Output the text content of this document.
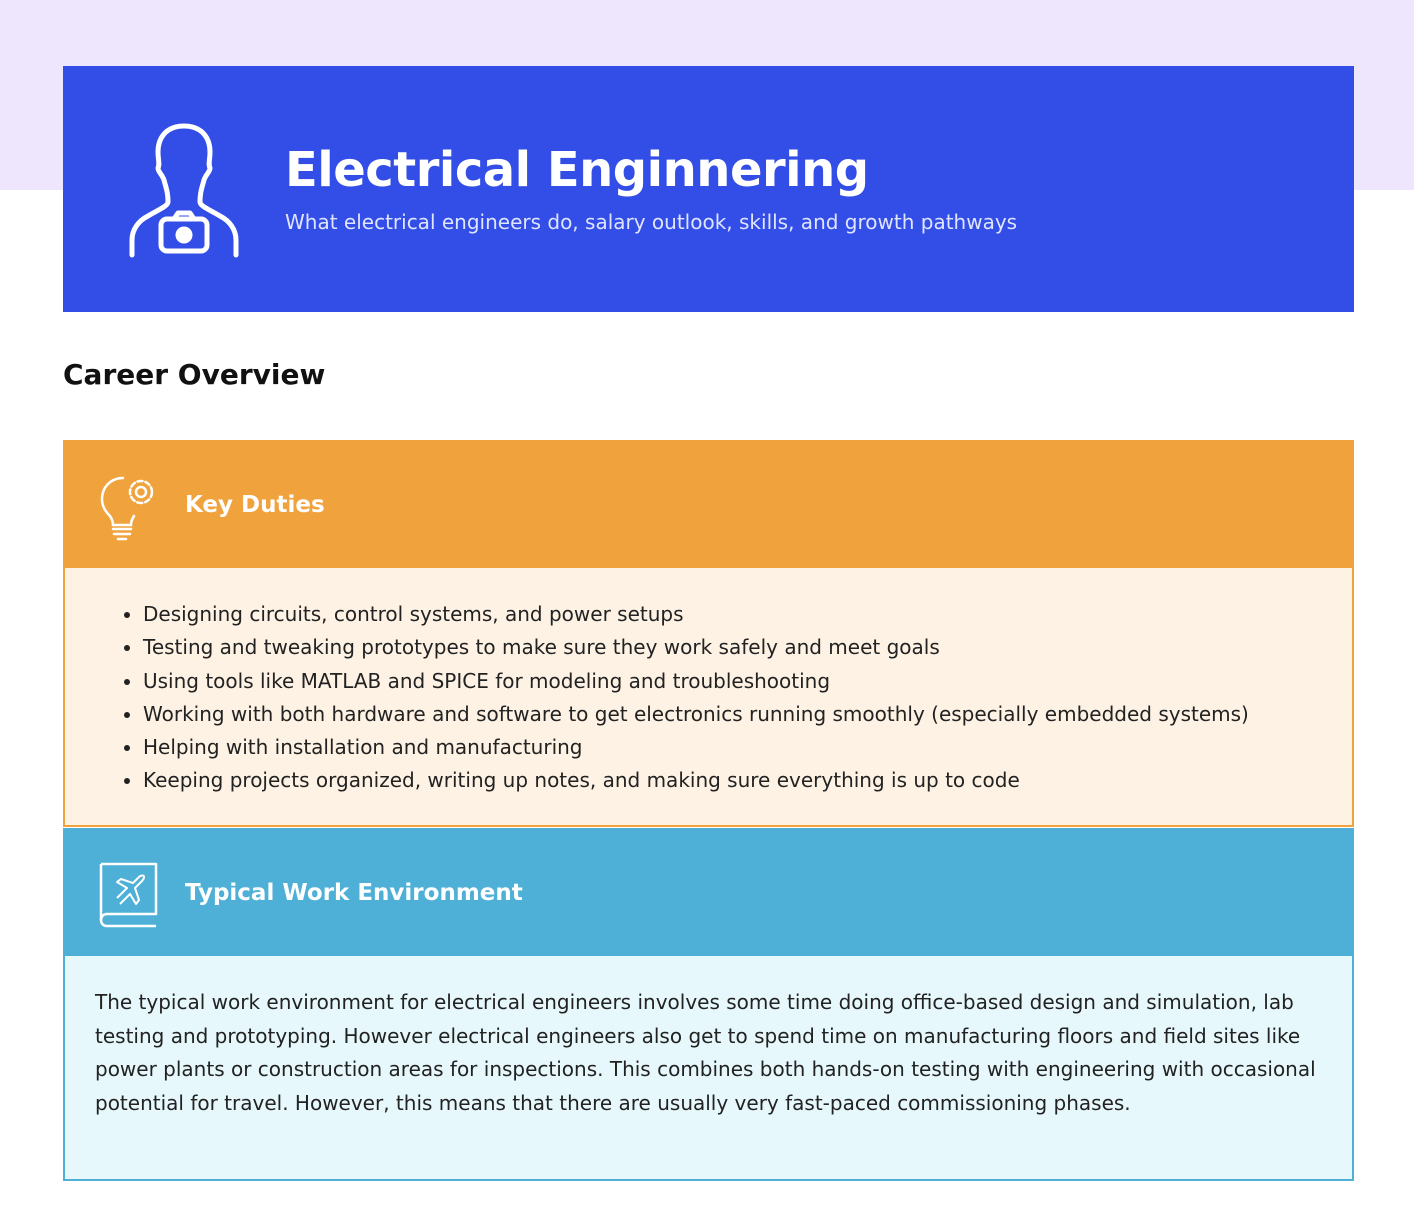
Electrical Enginnering
What electrical engineers do, salary outlook, skills, and growth pathways
Career Overview
Key Duties
• Designing circuits, control systems, and power setups
• Testing and tweaking prototypes to make sure they work safely and meet goals
• Using tools like MATLAB and SPICE for modeling and troubleshooting
• Working with both hardware and software to get electronics running smoothly (especially embedded systems)
• Helping with installation and manufacturing
• Keeping projects organized, writing up notes, and making sure everything is up to code
Typical Work Environment

The typical work environment for electrical engineers involves some time doing office-based design and simulation, lab testing and prototyping. However electrical engineers also get to spend time on manufacturing floors and field sites like power plants or construction areas for inspections. This combines both hands-on testing with engineering with occasional potential for travel. However, this means that there are usually very fast-paced commissioning phases.
